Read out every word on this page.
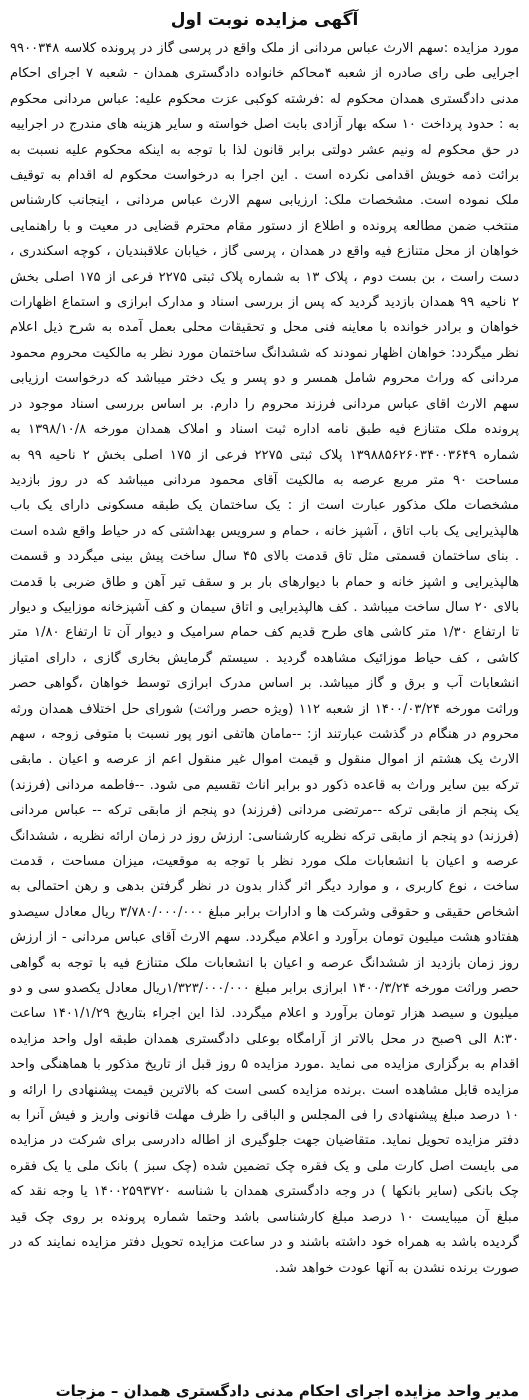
آگهی مزایده نوبت اول

مورد مزایده :سهم الارث عباس مردانی از ملک واقع در پرسی گاز در پرونده کلاسه ۹۹۰۰۳۴۸ اجرایی طی رای صادره از شعبه ۴محاکم خانواده دادگستری همدان - شعبه ۷ اجرای احکام مدنی دادگستری همدان محکوم له :فرشته کوکبی عزت محکوم علیه: عباس مردانی محکوم به : حدود پرداخت ۱۰ سکه بهار آزادی بابت اصل خواسته و سایر هزینه های مندرج در اجراییه در حق محکوم له ونیم عشر دولتی برابر قانون لذا با توجه به اینکه محکوم علیه نسبت به برائت ذمه خویش اقدامی نکرده است . این اجرا به درخواست محکوم له اقدام به توقیف ملک نموده است. مشخصات ملک: ارزیابی سهم الارث عباس مردانی ، اینجانب کارشناس منتخب ضمن مطالعه پرونده و اطلاع از دستور مقام محترم قضایی در معیت و با راهنمایی خواهان از محل متنازع فیه واقع در همدان ، پرسی گاز ، خیابان علاقبندیان ، کوچه اسکندری ، دست راست ، بن بست دوم ، پلاک ۱۳ به شماره پلاک ثبتی ۲۲۷۵ فرعی از ۱۷۵ اصلی بخش ۲ ناحیه ۹۹ همدان بازدید گردید که پس از بررسی اسناد و مدارک ابرازی و استماع اظهارات خواهان و برادر خوانده با معاینه فنی محل و تحقیقات محلی بعمل آمده به شرح ذیل اعلام نظر میگردد: خواهان اظهار نمودند که ششدانگ ساختمان مورد نظر به مالکیت محروم محمود مردانی که وراث محروم شامل همسر و دو پسر و یک دختر میباشد که درخواست ارزیابی سهم الارث اقای عباس مردانی فرزند محروم را دارم. بر اساس بررسی اسناد موجود در پرونده ملک متنازع فیه طبق نامه اداره ثبت اسناد و املاک همدان مورخه ۱۳۹۸/۱۰/۸ به شماره ۱۳۹۸۸۵۶۲۶۰۳۴۰۰۳۶۴۹ پلاک ثبتی ۲۲۷۵ فرعی از ۱۷۵ اصلی بخش ۲ ناحیه ۹۹ به مساحت ۹۰ متر مربع عرصه به مالکیت آقای محمود مردانی میباشد که در روز بازدید مشخصات ملک مذکور عبارت است از : یک ساختمان یک طبقه مسکونی دارای یک باب هالپذیرایی یک باب اتاق ، آشپز خانه ، حمام و سرویس بهداشتی که در حیاط واقع شده است . بنای ساختمان قسمتی مثل تاق قدمت بالای ۴۵ سال ساخت پیش بینی میگردد و قسمت هالپذیرایی و اشپز خانه و حمام با دیوارهای بار بر و سقف تیر آهن و طاق ضربی با قدمت بالای ۲۰ سال ساخت میباشد . کف هالپذیرایی و اتاق سیمان و کف آشپزخانه موزاییک و دیوار تا ارتفاع ۱/۳۰ متر کاشی های طرح قدیم کف حمام سرامیک و دیوار آن تا ارتفاع ۱/۸۰ متر کاشی ، کف حیاط موزائیک مشاهده گردید . سیستم گرمایش بخاری گازی ، دارای امتیاز انشعابات آب و برق و گاز میباشد. بر اساس مدرک ابرازی توسط خواهان ،گواهی حصر وراثت مورخه ۱۴۰۰/۰۳/۲۴ از شعبه ۱۱۲ (ویژه حصر وراثت) شورای حل اختلاف همدان ورثه محروم در هنگام در گذشت عبارتند از: --مامان هاتفی انور پور نسبت با متوفی زوجه ، سهم الارث یک هشتم از اموال منقول و قیمت اموال غیر منقول اعم از عرصه و اعیان . مابقی ترکه بین سایر وراث به قاعده ذکور دو برابر اناث تقسیم می شود. --فاطمه مردانی (فرزند) یک پنجم از مابقی ترکه --مرتضی مردانی (فرزند) دو پنجم از مابقی ترکه -- عباس مردانی (فرزند) دو پنجم از مابقی ترکه نظریه کارشناسی: ارزش روز در زمان ارائه نظریه ، ششدانگ عرصه و اعیان با انشعابات ملک مورد نظر با توجه به موقعیت، میزان مساحت ، قدمت ساخت ، نوع کاربری ، و موارد دیگر اثر گذار بدون در نظر گرفتن بدهی و رهن احتمالی به اشخاص حقیقی و حقوقی وشرکت ها و ادارات برابر مبلغ ۳/۷۸۰/۰۰۰/۰۰۰ ریال معادل سیصدو هفتادو هشت میلیون تومان برآورد و اعلام میگردد. سهم الارث آقای عباس مردانی - از ارزش روز زمان بازدید از ششدانگ عرصه و اعیان با انشعابات ملک متنازع فیه با توجه به گواهی حصر وراثت مورخه ۱۴۰۰/۳/۲۴ ابرازی برابر مبلغ ۱/۳۲۳/۰۰۰/۰۰۰ریال معادل یکصدو سی و دو میلیون و سیصد هزار تومان برآورد و اعلام میگردد. لذا این اجراء بتاریخ ۱۴۰۱/۱/۲۹ ساعت ۸:۳۰ الی ۹صبح در محل بالاتر از آرامگاه بوعلی دادگستری همدان طبقه اول واحد مزایده اقدام به برگزاری مزایده می نماید .مورد مزایده ۵ روز قبل از تاریخ مذکور با هماهنگی واحد مزایده قابل مشاهده است .برنده مزایده کسی است که بالاترین قیمت پیشنهادی را ارائه و ۱۰ درصد مبلغ پیشنهادی را فی المجلس و الباقی را ظرف مهلت قانونی واریز و فیش آنرا به دفتر مزایده تحویل نماید. متقاضیان جهت جلوگیری از اطاله دادرسی برای شرکت در مزایده می بایست اصل کارت ملی و یک فقره چک تضمین شده (چک سبز ) بانک ملی یا یک فقره چک بانکی (سایر بانکها ) در وجه دادگستری همدان با شناسه ۱۴۰۰۲۵۹۳۷۲۰ یا وجه نقد که مبلغ آن میبایست ۱۰ درصد مبلغ کارشناسی باشد وحتما شماره پرونده بر روی چک قید گردیده باشد به همراه خود داشته باشند و در ساعت مزایده تحویل دفتر مزایده نمایند که در صورت برنده نشدن به آنها عودت خواهد شد.

مدیر واحد مزایده اجرای احکام مدنی دادگستری همدان – مزجات
